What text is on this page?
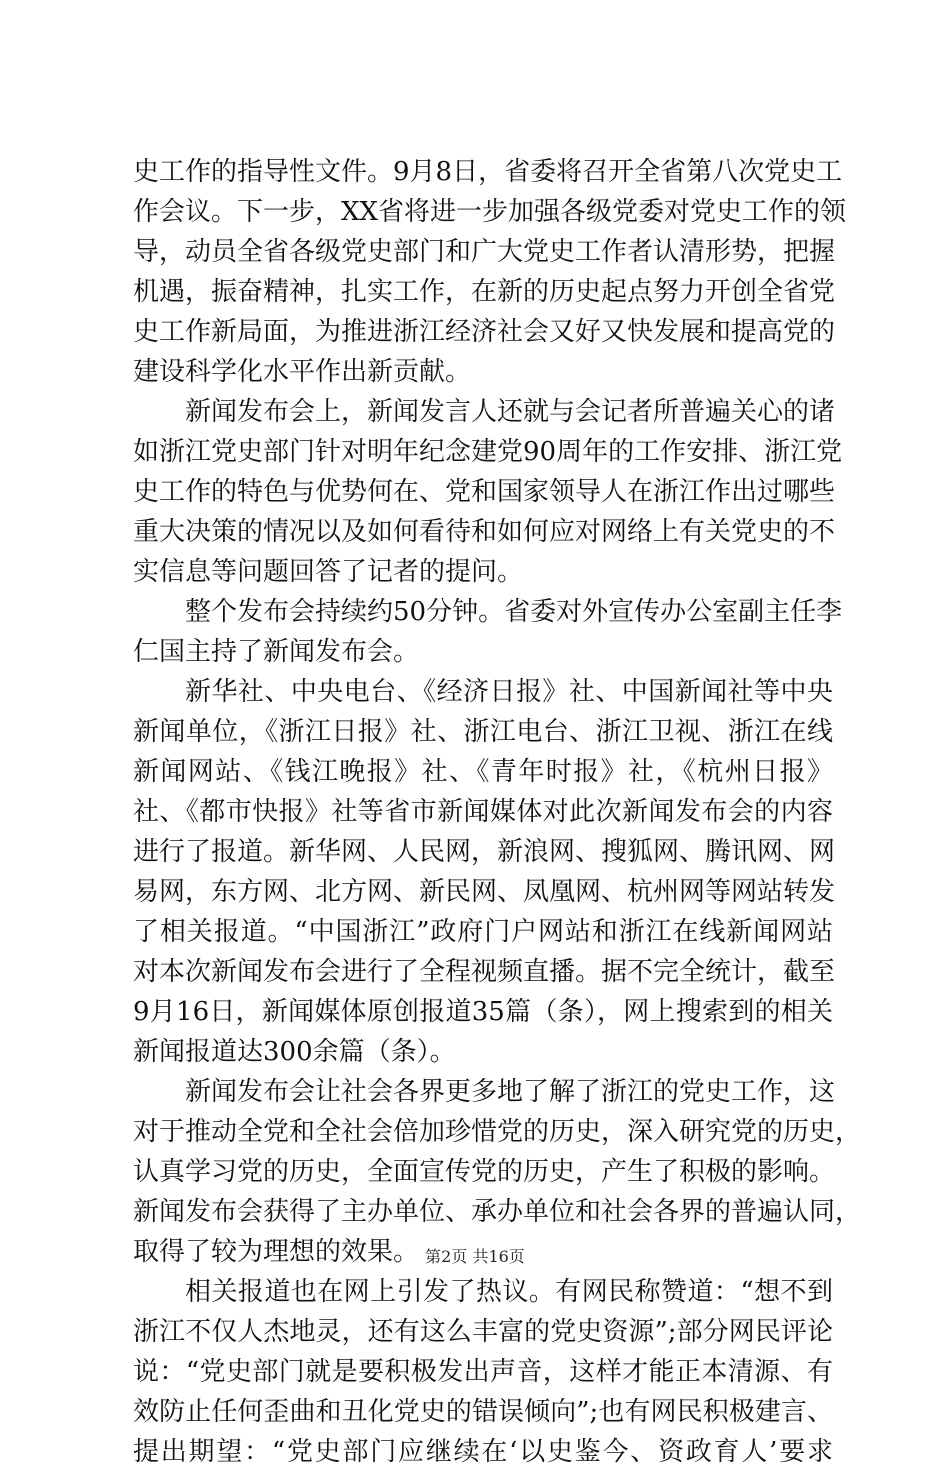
史工作的指导性文件。9月8日，省委将召开全省第八次党史工
作会议。下一步，XX省将进一步加强各级党委对党史工作的领
导，动员全省各级党史部门和广大党史工作者认清形势，把握
机遇，振奋精神，扎实工作，在新的历史起点努力开创全省党
史工作新局面，为推进浙江经济社会又好又快发展和提高党的
建设科学化水平作出新贡献。
新闻发布会上，新闻发言人还就与会记者所普遍关心的诸
如浙江党史部门针对明年纪念建党90周年的工作安排、浙江党
史工作的特色与优势何在、党和国家领导人在浙江作出过哪些
重大决策的情况以及如何看待和如何应对网络上有关党史的不
实信息等问题回答了记者的提问。
整个发布会持续约50分钟。省委对外宣传办公室副主任李
仁国主持了新闻发布会。
新华社、中央电台、《经济日报》社、中国新闻社等中央
新闻单位，《浙江日报》社、浙江电台、浙江卫视、浙江在线
新闻网站、《钱江晚报》社、《青年时报》社，《杭州日报》
社、《都市快报》社等省市新闻媒体对此次新闻发布会的内容
进行了报道。新华网、人民网，新浪网、搜狐网、腾讯网、网
易网，东方网、北方网、新民网、凤凰网、杭州网等网站转发
了相关报道。“中国浙江”政府门户网站和浙江在线新闻网站
对本次新闻发布会进行了全程视频直播。据不完全统计，截至
9月16日，新闻媒体原创报道35篇（条），网上搜索到的相关
新闻报道达300余篇（条）。
新闻发布会让社会各界更多地了解了浙江的党史工作，这
对于推动全党和全社会倍加珍惜党的历史，深入研究党的历史，
认真学习党的历史，全面宣传党的历史，产生了积极的影响。
新闻发布会获得了主办单位、承办单位和社会各界的普遍认同，
取得了较为理想的效果。
相关报道也在网上引发了热议。有网民称赞道：“想不到
浙江不仅人杰地灵，还有这么丰富的党史资源”;部分网民评论
说：“党史部门就是要积极发出声音，这样才能正本清源、有
效防止任何歪曲和丑化党史的错误倾向”;也有网民积极建言、
提出期望：“党史部门应继续在‘以史鉴今、资政育人’要求
第2页 共16页
